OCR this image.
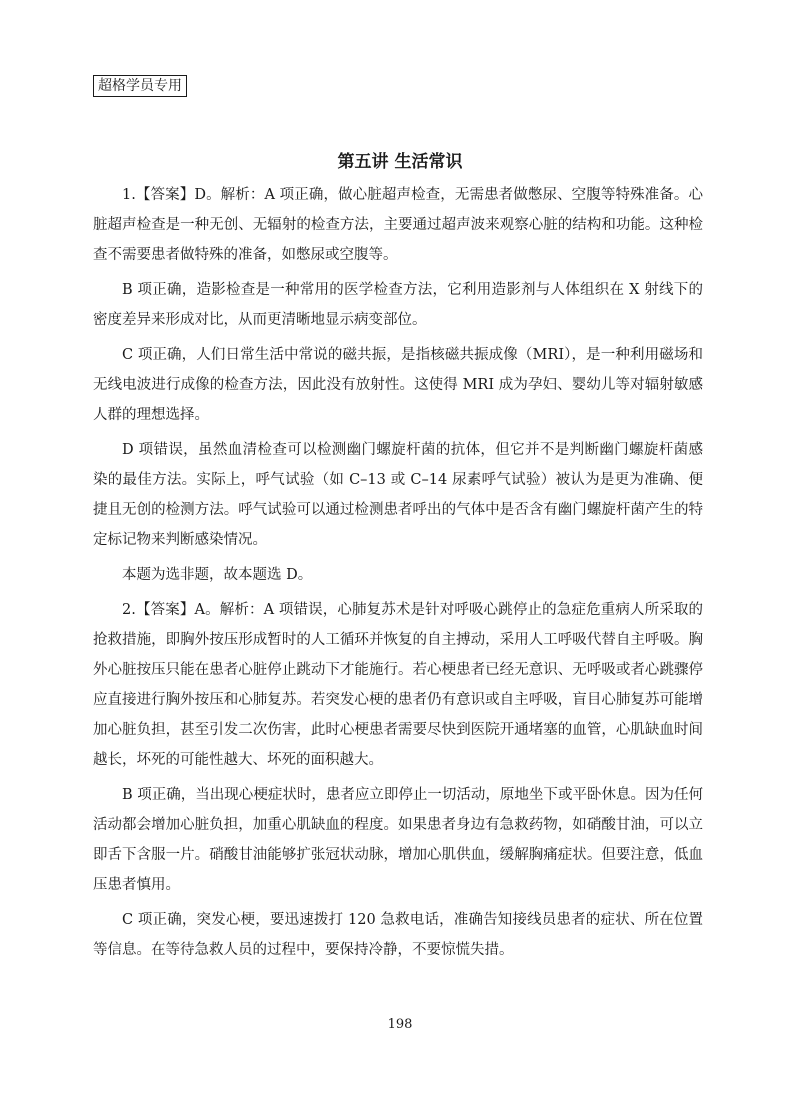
超格学员专用
第五讲 生活常识

1.【答案】D。解析：A 项正确，做心脏超声检查，无需患者做憋尿、空腹等特殊准备。心脏超声检查是一种无创、无辐射的检查方法，主要通过超声波来观察心脏的结构和功能。这种检查不需要患者做特殊的准备，如憋尿或空腹等。

B 项正确，造影检查是一种常用的医学检查方法，它利用造影剂与人体组织在 X 射线下的密度差异来形成对比，从而更清晰地显示病变部位。

C 项正确，人们日常生活中常说的磁共振，是指核磁共振成像（MRI），是一种利用磁场和无线电波进行成像的检查方法，因此没有放射性。这使得 MRI 成为孕妇、婴幼儿等对辐射敏感人群的理想选择。

D 项错误，虽然血清检查可以检测幽门螺旋杆菌的抗体，但它并不是判断幽门螺旋杆菌感染的最佳方法。实际上，呼气试验（如 C–13 或 C–14 尿素呼气试验）被认为是更为准确、便捷且无创的检测方法。呼气试验可以通过检测患者呼出的气体中是否含有幽门螺旋杆菌产生的特定标记物来判断感染情况。

本题为选非题，故本题选 D。

2.【答案】A。解析：A 项错误，心肺复苏术是针对呼吸心跳停止的急症危重病人所采取的抢救措施，即胸外按压形成暂时的人工循环并恢复的自主搏动，采用人工呼吸代替自主呼吸。胸外心脏按压只能在患者心脏停止跳动下才能施行。若心梗患者已经无意识、无呼吸或者心跳骤停应直接进行胸外按压和心肺复苏。若突发心梗的患者仍有意识或自主呼吸，盲目心肺复苏可能增加心脏负担，甚至引发二次伤害，此时心梗患者需要尽快到医院开通堵塞的血管，心肌缺血时间越长，坏死的可能性越大、坏死的面积越大。

B 项正确，当出现心梗症状时，患者应立即停止一切活动，原地坐下或平卧休息。因为任何活动都会增加心脏负担，加重心肌缺血的程度。如果患者身边有急救药物，如硝酸甘油，可以立即舌下含服一片。硝酸甘油能够扩张冠状动脉，增加心肌供血，缓解胸痛症状。但要注意，低血压患者慎用。

C 项正确，突发心梗，要迅速拨打 120 急救电话，准确告知接线员患者的症状、所在位置等信息。在等待急救人员的过程中，要保持冷静，不要惊慌失措。

198
